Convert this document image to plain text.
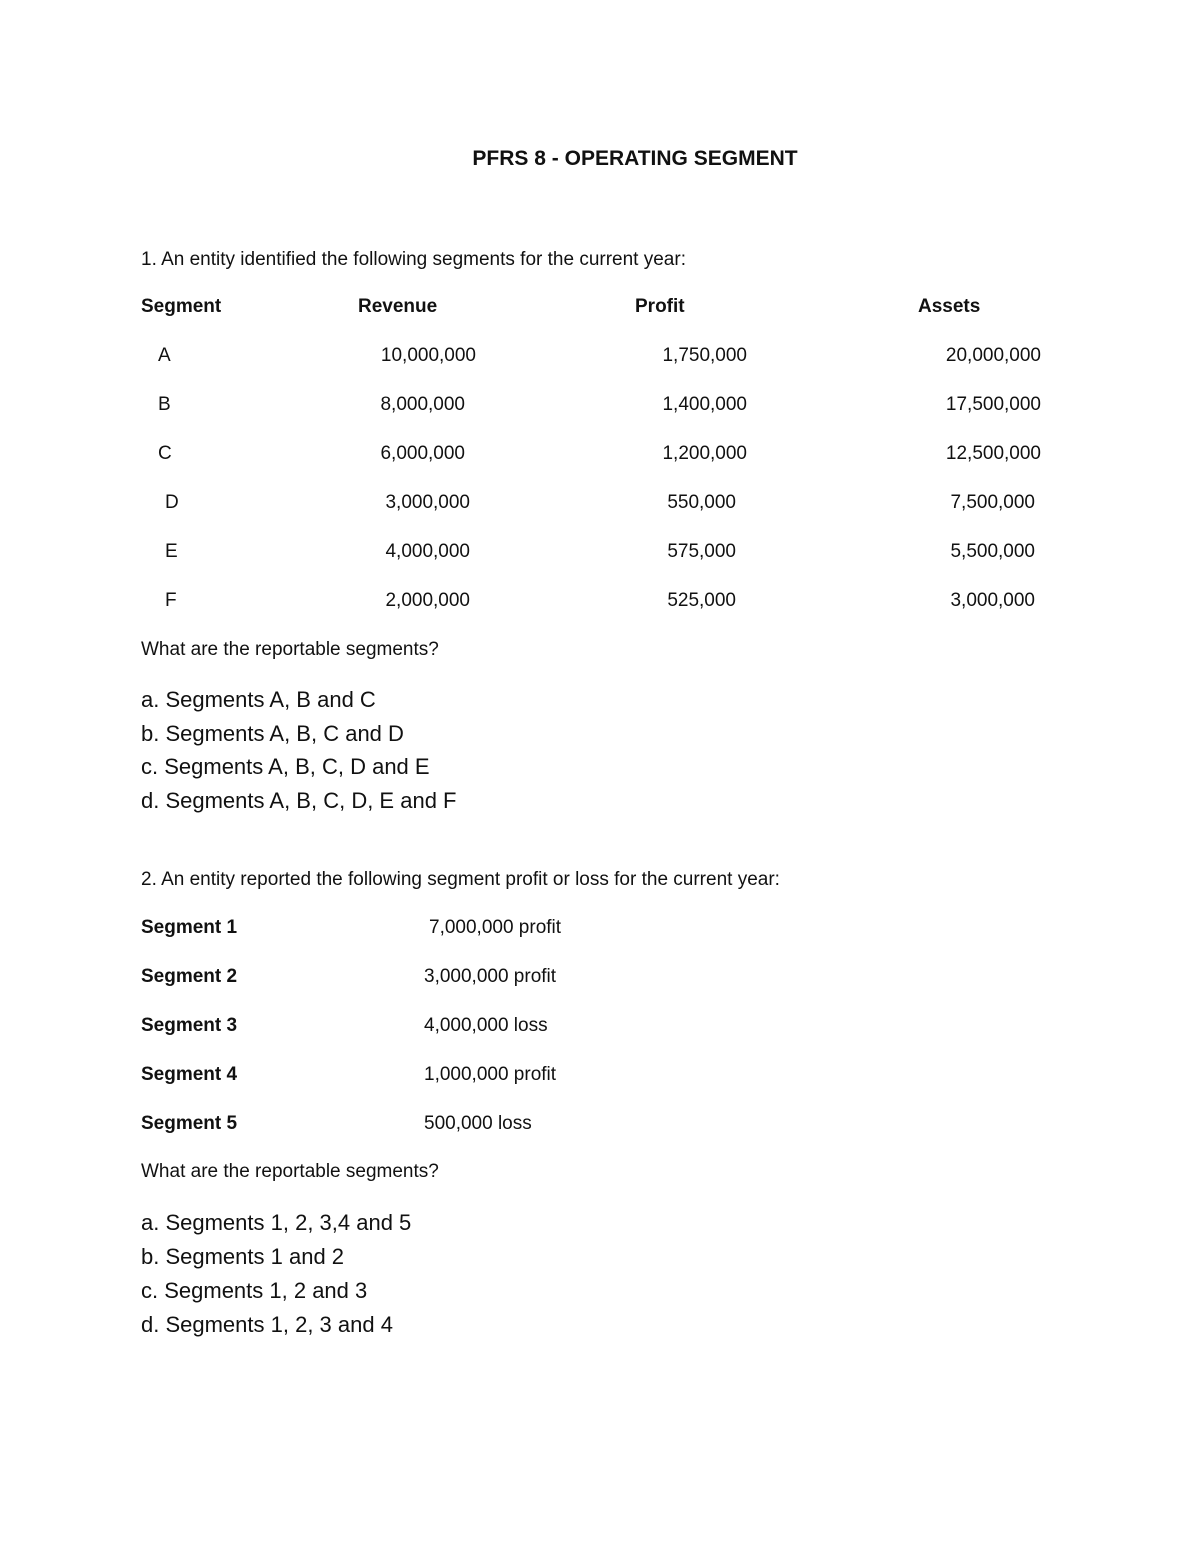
PFRS 8 - OPERATING SEGMENT
1. An entity identified the following segments for the current year:
Segment	Revenue	Profit	Assets
A	10,000,000	1,750,000	20,000,000
B	8,000,000	1,400,000	17,500,000
C	6,000,000	1,200,000	12,500,000
D	3,000,000	550,000	7,500,000
E	4,000,000	575,000	5,500,000
F	2,000,000	525,000	3,000,000
What are the reportable segments?
a. Segments A, B and C
b. Segments A, B, C and D
c. Segments A, B, C, D and E
d. Segments A, B, C, D, E and F
2. An entity reported the following segment profit or loss for the current year:
Segment 1	7,000,000 profit
Segment 2	3,000,000 profit
Segment 3	4,000,000 loss
Segment 4	1,000,000 profit
Segment 5	500,000 loss
What are the reportable segments?
a. Segments 1, 2, 3,4 and 5
b. Segments 1 and 2
c. Segments 1, 2 and 3
d. Segments 1, 2, 3 and 4
